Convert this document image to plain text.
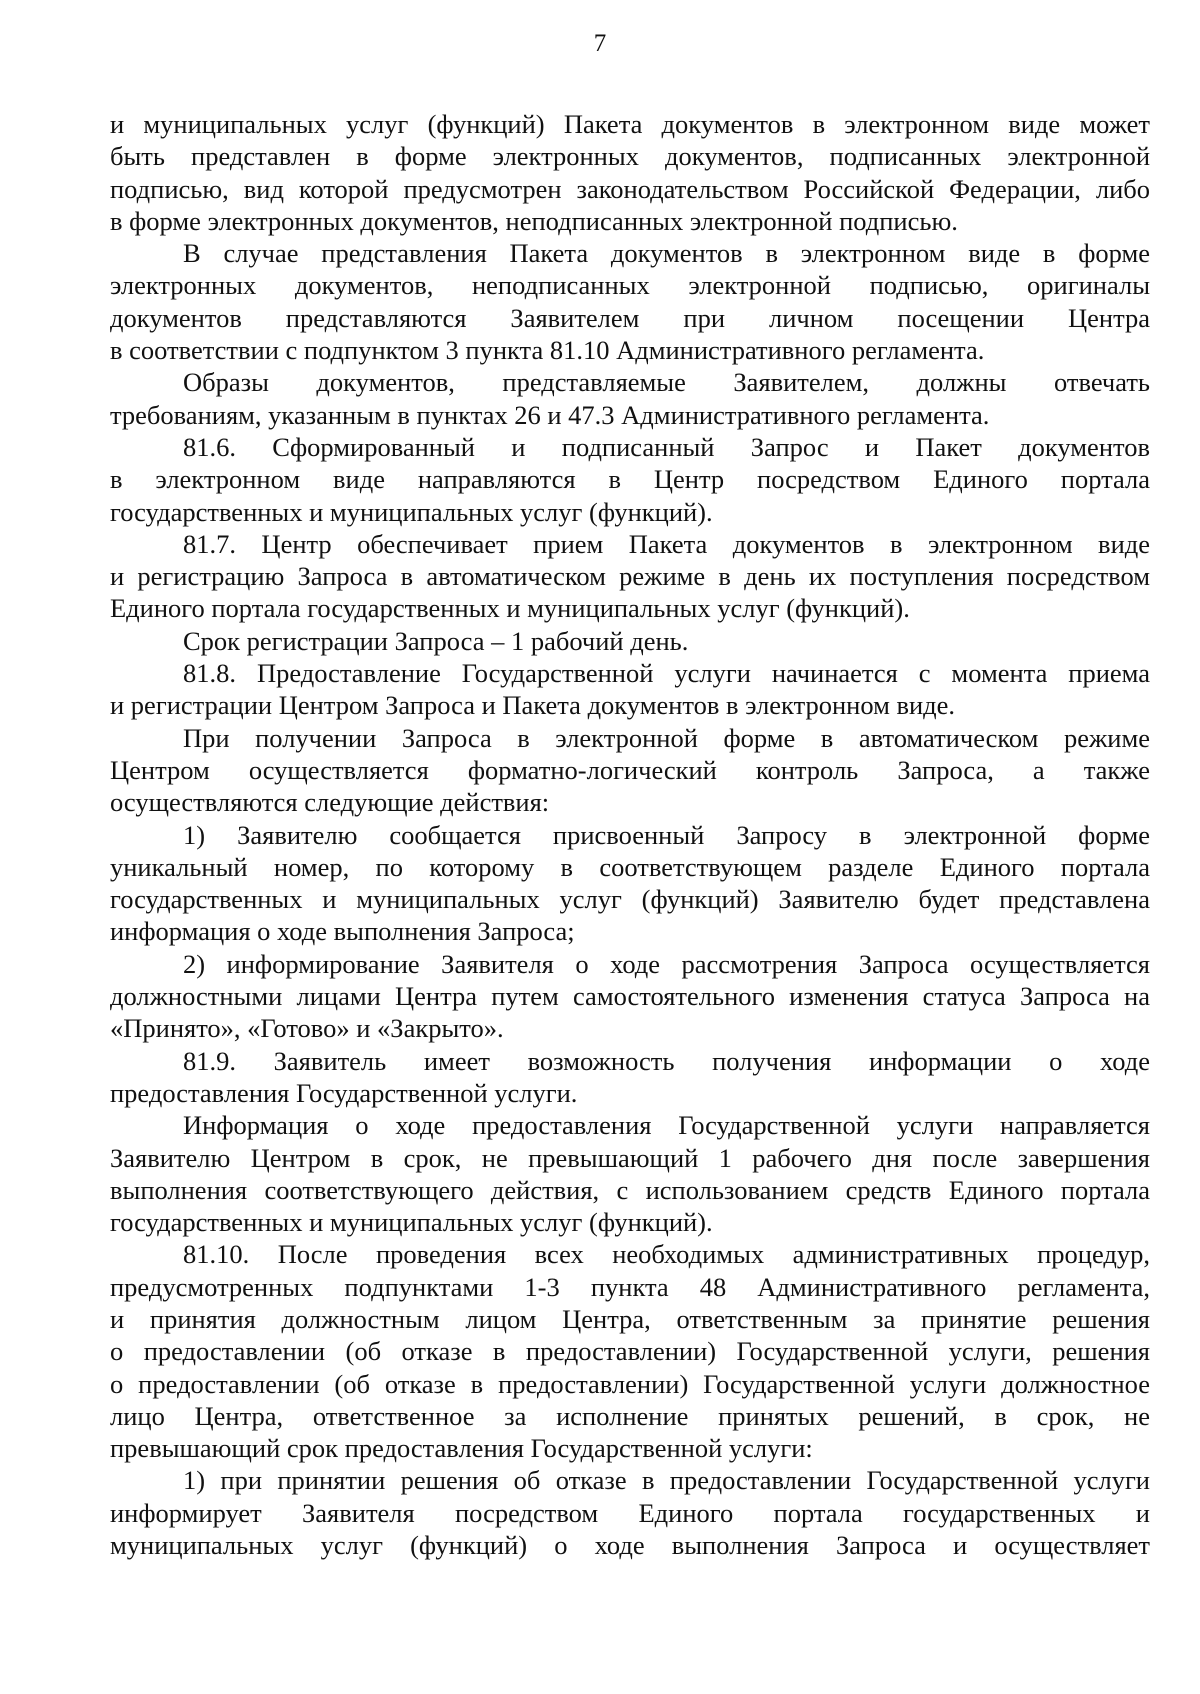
7

и муниципальных услуг (функций) Пакета документов в электронном виде может

быть представлен в форме электронных документов, подписанных электронной

подписью, вид которой предусмотрен законодательством Российской Федерации, либо

в форме электронных документов, неподписанных электронной подписью.

В случае представления Пакета документов в электронном виде в форме

электронных документов, неподписанных электронной подписью, оригиналы

документов представляются Заявителем при личном посещении Центра

в соответствии с подпунктом 3 пункта 81.10 Административного регламента.

Образы документов, представляемые Заявителем, должны отвечать

требованиям, указанным в пунктах 26 и 47.3 Административного регламента.

81.6. Сформированный и подписанный Запрос и Пакет документов

в электронном виде направляются в Центр посредством Единого портала

государственных и муниципальных услуг (функций).

81.7. Центр обеспечивает прием Пакета документов в электронном виде

и регистрацию Запроса в автоматическом режиме в день их поступления посредством

Единого портала государственных и муниципальных услуг (функций).

Срок регистрации Запроса – 1 рабочий день.

81.8. Предоставление Государственной услуги начинается с момента приема

и регистрации Центром Запроса и Пакета документов в электронном виде.

При получении Запроса в электронной форме в автоматическом режиме

Центром осуществляется форматно-логический контроль Запроса, а также

осуществляются следующие действия:

1) Заявителю сообщается присвоенный Запросу в электронной форме

уникальный номер, по которому в соответствующем разделе Единого портала

государственных и муниципальных услуг (функций) Заявителю будет представлена

информация о ходе выполнения Запроса;

2) информирование Заявителя о ходе рассмотрения Запроса осуществляется

должностными лицами Центра путем самостоятельного изменения статуса Запроса на

«Принято», «Готово» и «Закрыто».

81.9. Заявитель имеет возможность получения информации о ходе

предоставления Государственной услуги.

Информация о ходе предоставления Государственной услуги направляется

Заявителю Центром в срок, не превышающий 1 рабочего дня после завершения

выполнения соответствующего действия, с использованием средств Единого портала

государственных и муниципальных услуг (функций).

81.10. После проведения всех необходимых административных процедур,

предусмотренных подпунктами 1-3 пункта 48 Административного регламента,

и принятия должностным лицом Центра, ответственным за принятие решения

о предоставлении (об отказе в предоставлении) Государственной услуги, решения

о предоставлении (об отказе в предоставлении) Государственной услуги должностное

лицо Центра, ответственное за исполнение принятых решений, в срок, не

превышающий срок предоставления Государственной услуги:

1) при принятии решения об отказе в предоставлении Государственной услуги

информирует Заявителя посредством Единого портала государственных и

муниципальных услуг (функций) о ходе выполнения Запроса и осуществляет
